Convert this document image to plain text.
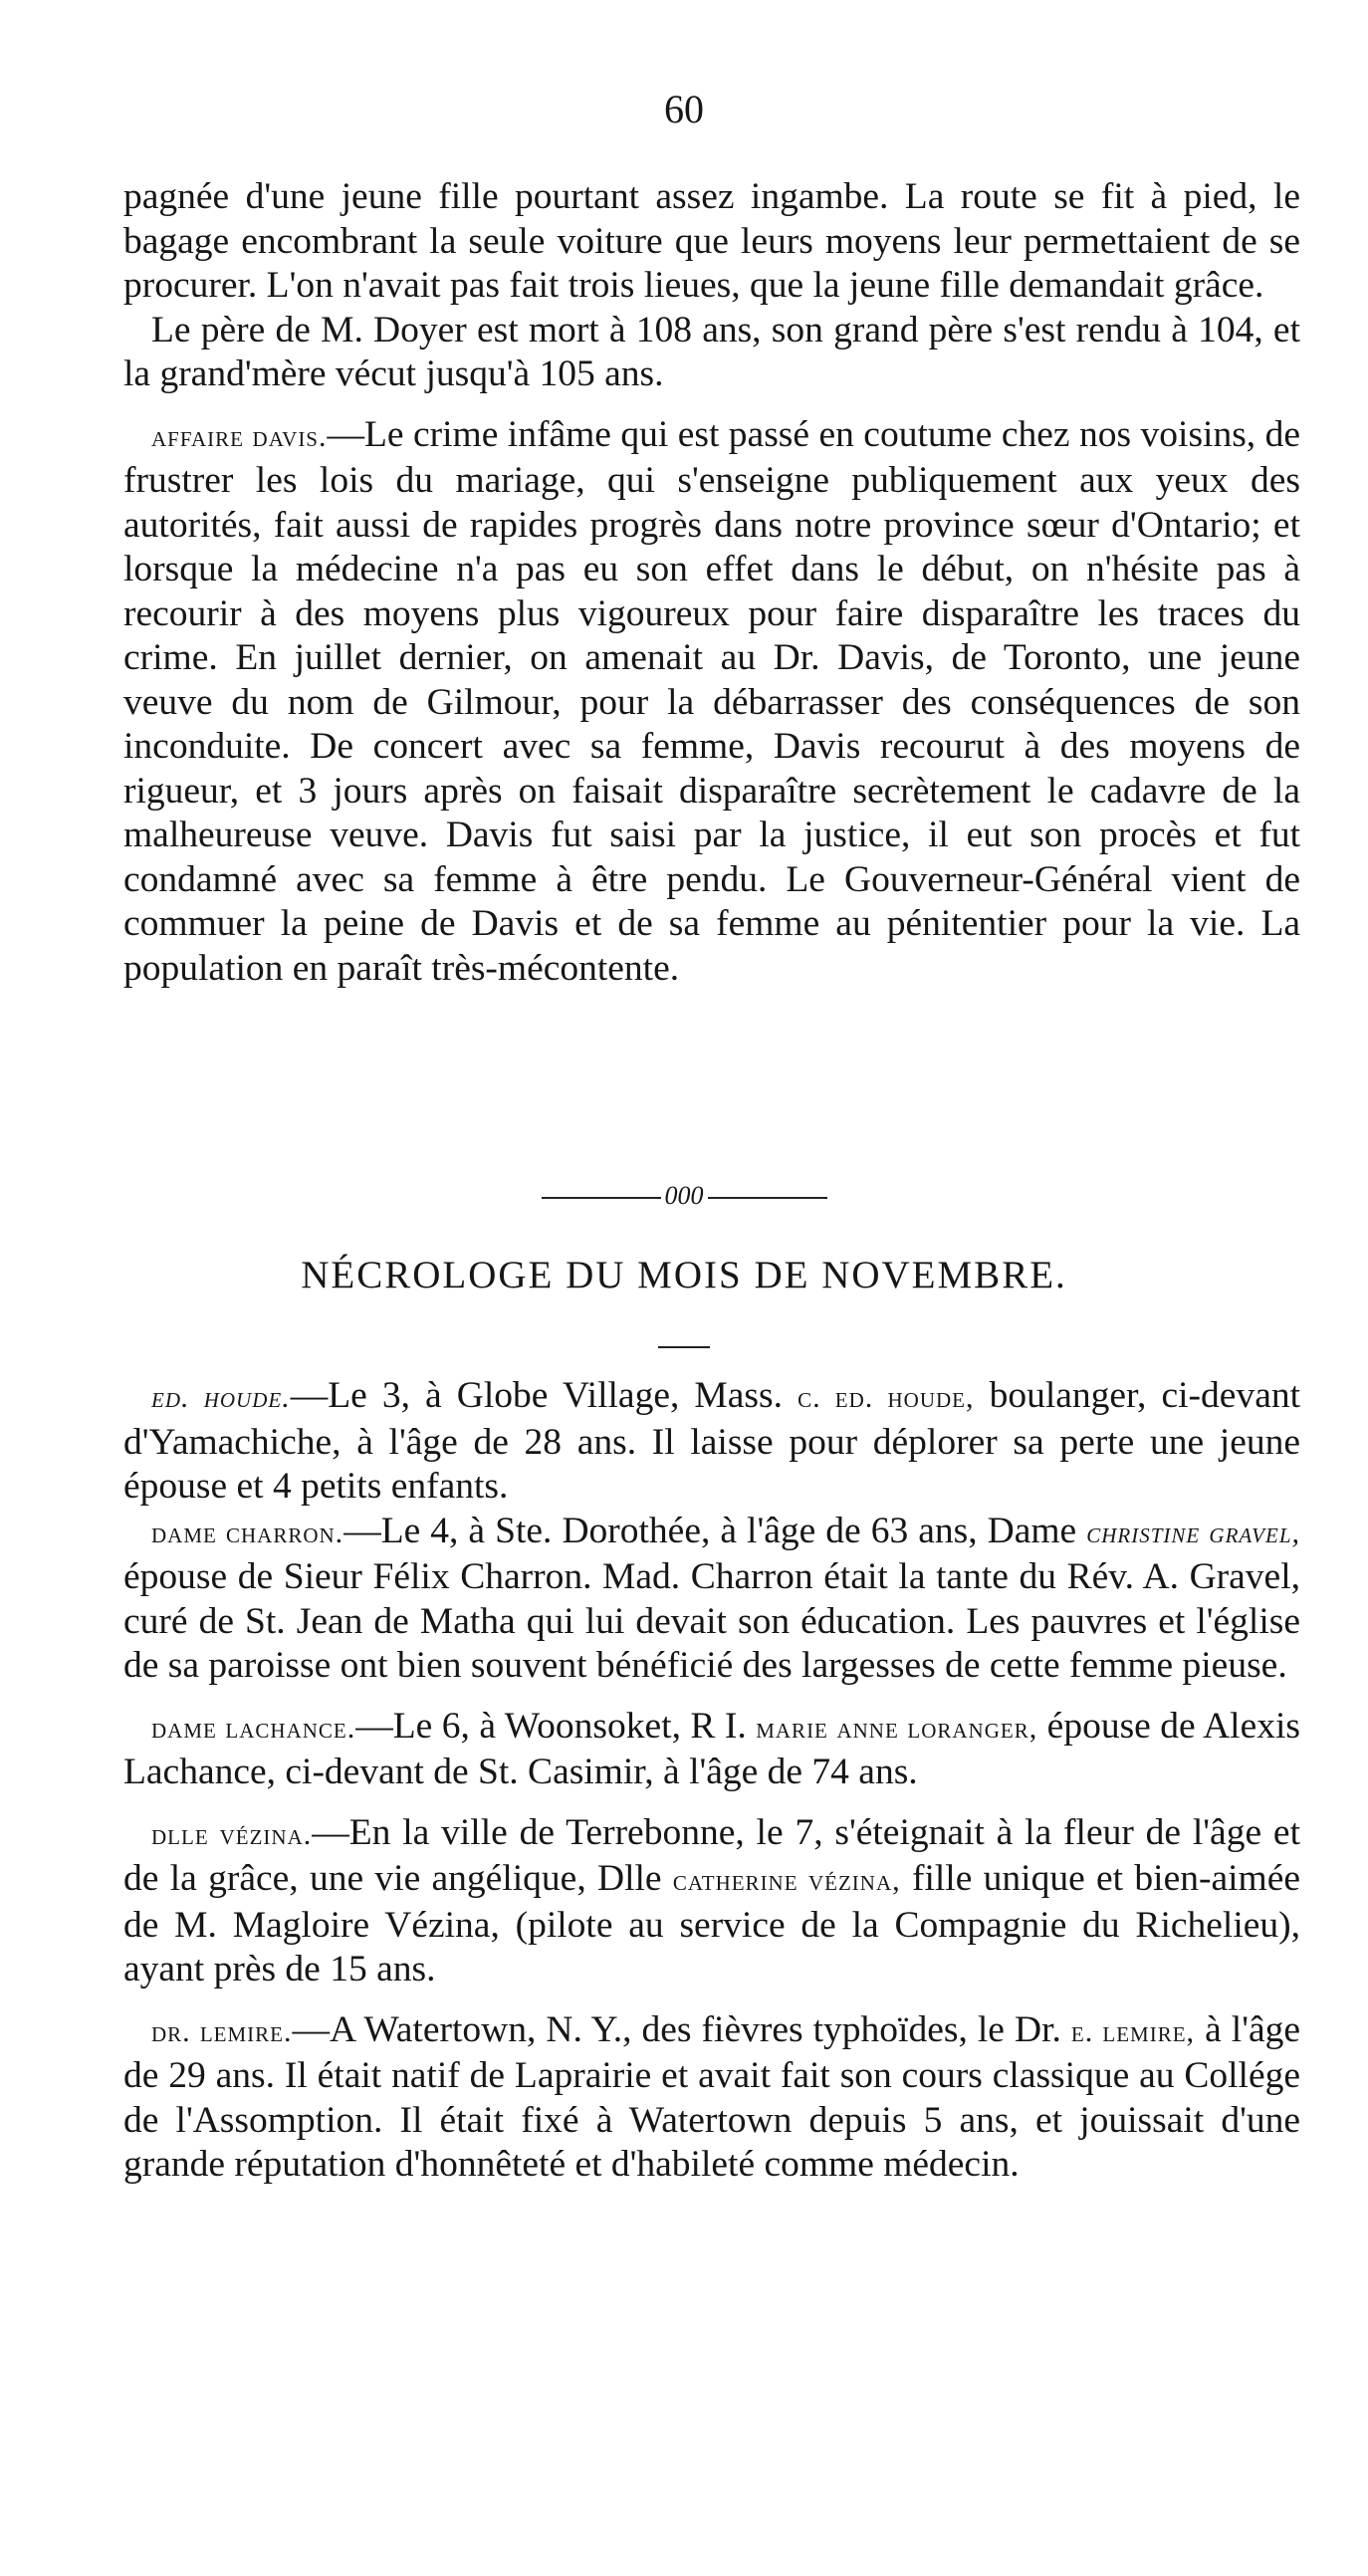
60

pagnée d'une jeune fille pourtant assez ingambe. La route se fit à pied, le bagage encombrant la seule voiture que leurs moyens leur permettaient de se procurer. L'on n'avait pas fait trois lieues, que la jeune fille demandait grâce.

Le père de M. Doyer est mort à 108 ans, son grand père s'est rendu à 104, et la grand'mère vécut jusqu'à 105 ans.

affaire davis.—Le crime infâme qui est passé en coutume chez nos voisins, de frustrer les lois du mariage, qui s'enseigne publiquement aux yeux des autorités, fait aussi de rapides progrès dans notre province sœur d'Ontario; et lorsque la médecine n'a pas eu son effet dans le début, on n'hésite pas à recourir à des moyens plus vigoureux pour faire disparaître les traces du crime. En juillet dernier, on amenait au Dr. Davis, de Toronto, une jeune veuve du nom de Gilmour, pour la débarrasser des conséquences de son inconduite. De concert avec sa femme, Davis recourut à des moyens de rigueur, et 3 jours après on faisait disparaître secrètement le cadavre de la malheureuse veuve. Davis fut saisi par la justice, il eut son procès et fut condamné avec sa femme à être pendu. Le Gouverneur-Général vient de commuer la peine de Davis et de sa femme au pénitentier pour la vie. La population en paraît très-mécontente.

000
NÉCROLOGE DU MOIS DE NOVEMBRE.

ed. houde.—Le 3, à Globe Village, Mass. c. ed. houde, boulanger, ci-devant d'Yamachiche, à l'âge de 28 ans. Il laisse pour déplorer sa perte une jeune épouse et 4 petits enfants.

dame charron.—Le 4, à Ste. Dorothée, à l'âge de 63 ans, Dame christine gravel, épouse de Sieur Félix Charron. Mad. Charron était la tante du Rév. A. Gravel, curé de St. Jean de Matha qui lui devait son éducation. Les pauvres et l'église de sa paroisse ont bien souvent bénéficié des largesses de cette femme pieuse.

dame lachance.—Le 6, à Woonsoket, R I. marie anne loranger, épouse de Alexis Lachance, ci-devant de St. Casimir, à l'âge de 74 ans.

dlle vézina.—En la ville de Terrebonne, le 7, s'éteignait à la fleur de l'âge et de la grâce, une vie angélique, Dlle catherine vézina, fille unique et bien-aimée de M. Magloire Vézina, (pilote au service de la Compagnie du Richelieu), ayant près de 15 ans.

dr. lemire.—A Watertown, N. Y., des fièvres typhoïdes, le Dr. e. lemire, à l'âge de 29 ans. Il était natif de Laprairie et avait fait son cours classique au Collége de l'Assomption. Il était fixé à Watertown depuis 5 ans, et jouissait d'une grande réputation d'honnêteté et d'habileté comme médecin.
